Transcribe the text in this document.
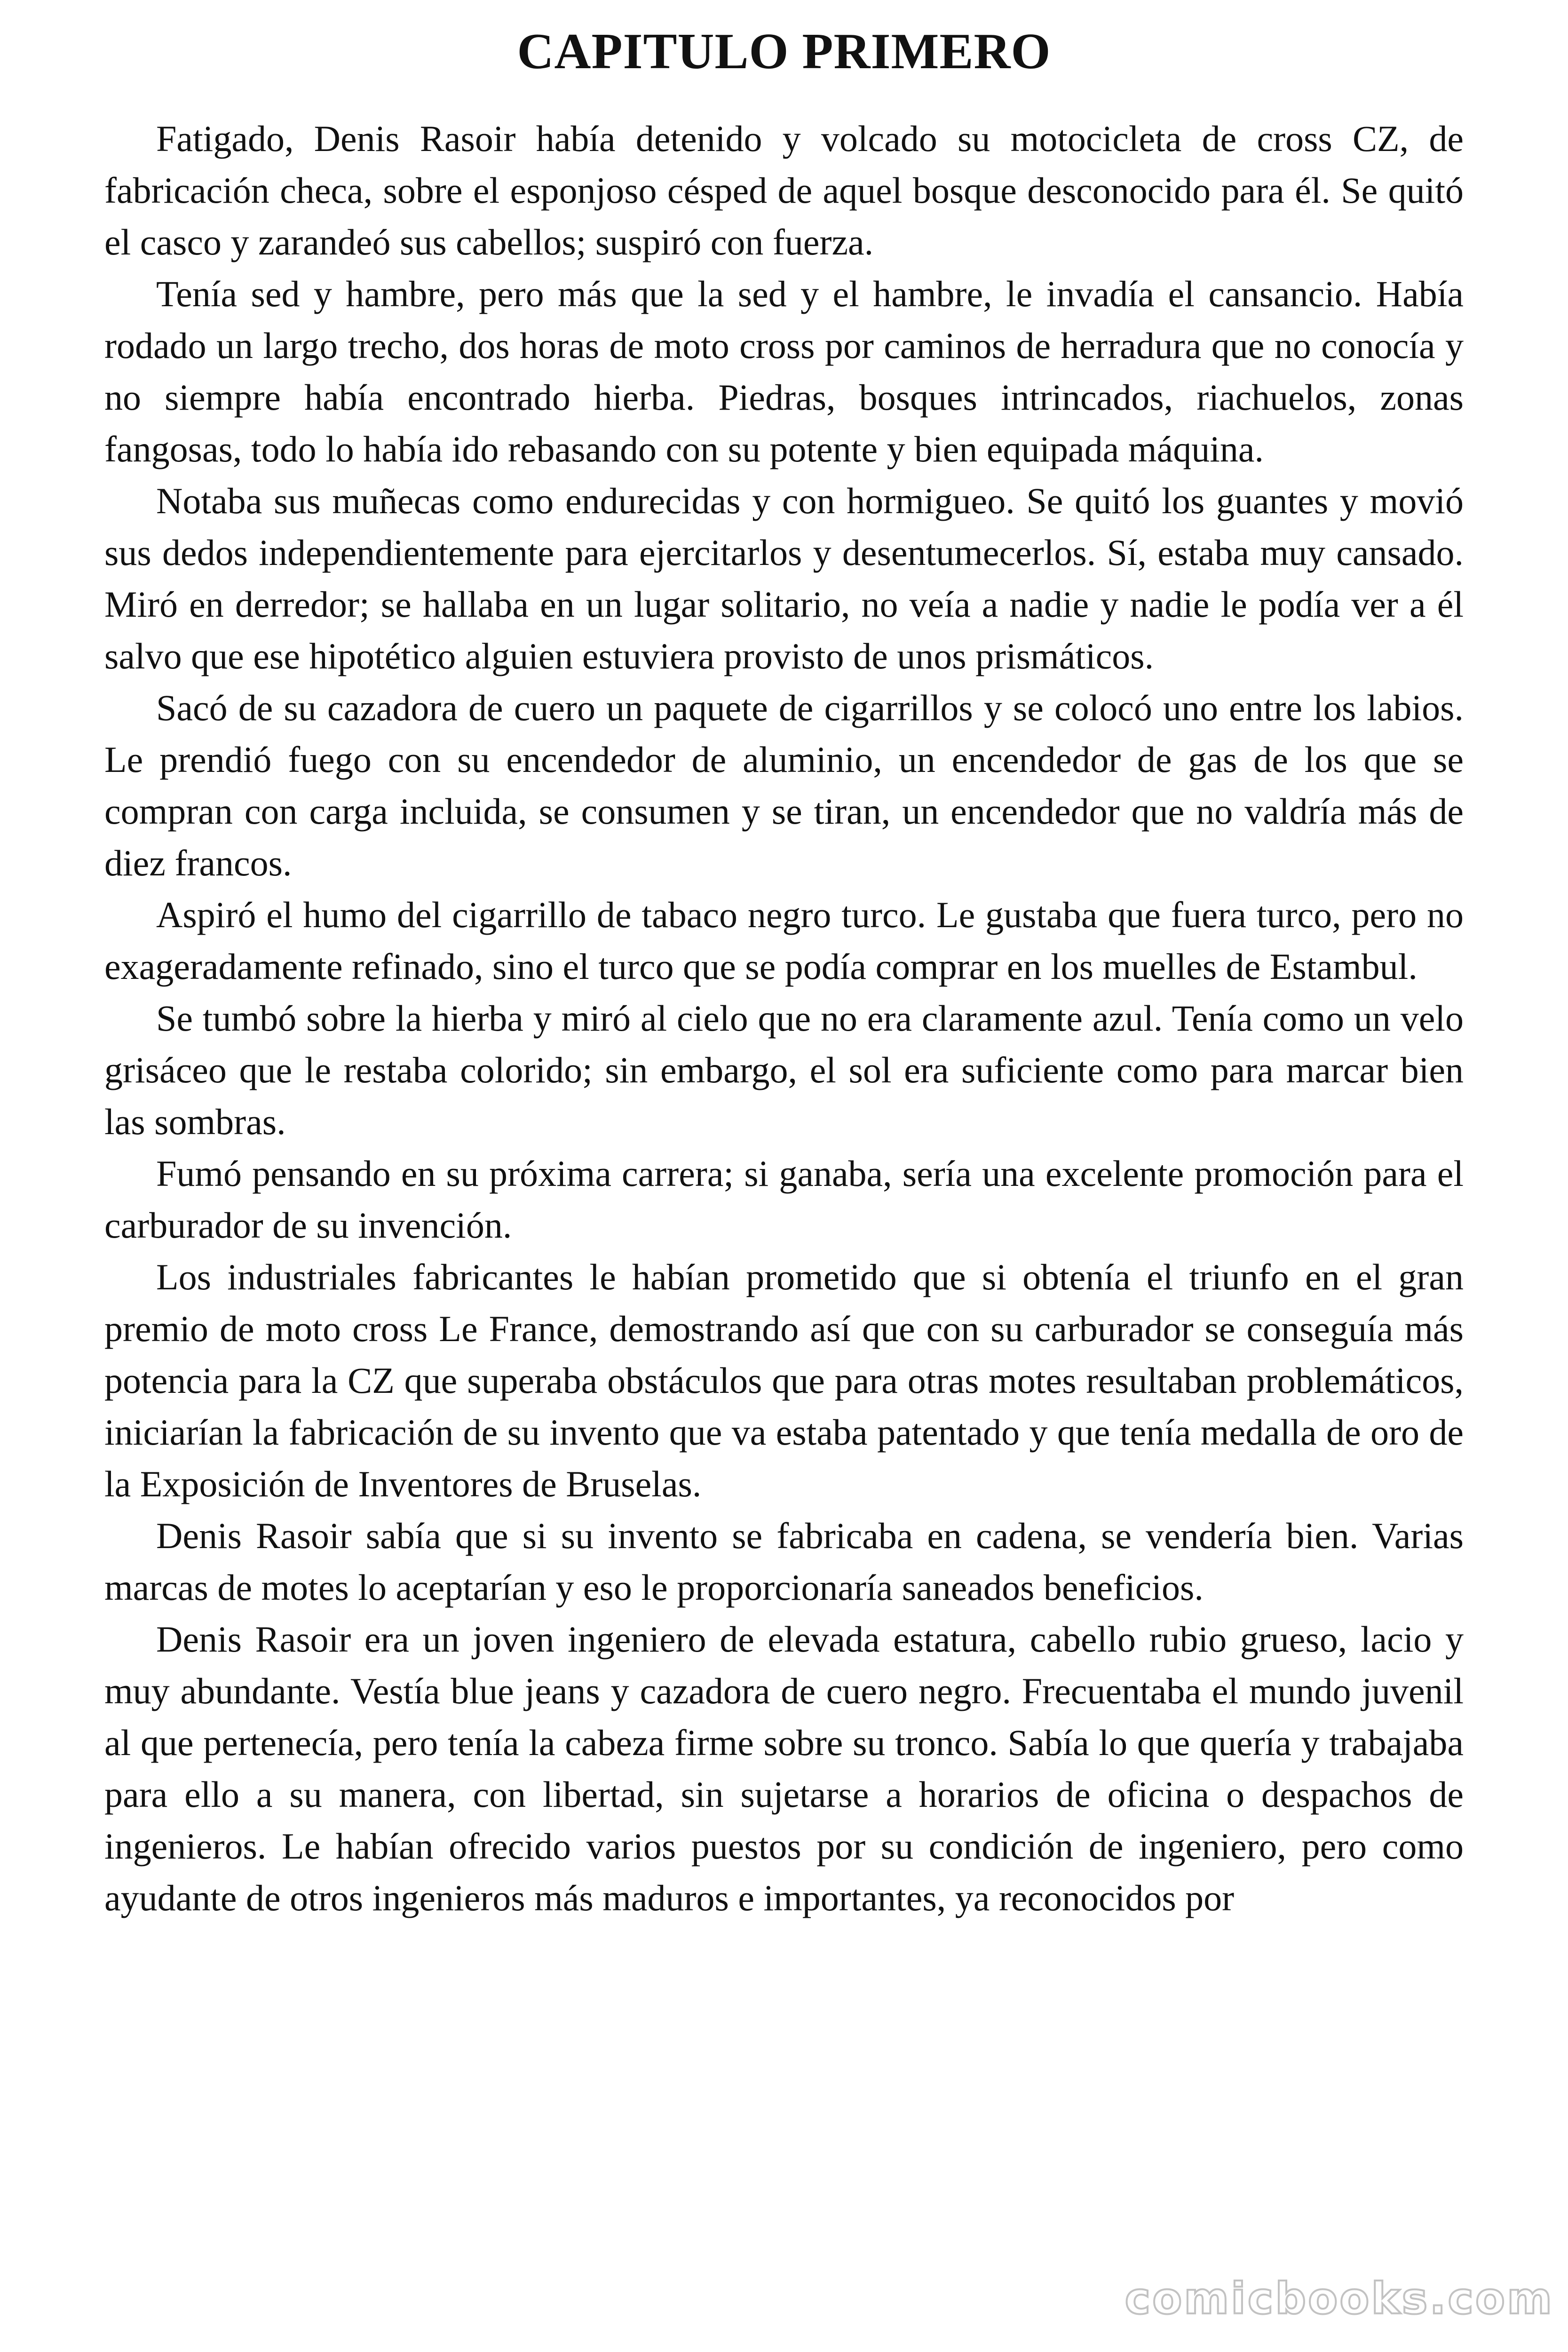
CAPITULO PRIMERO

Fatigado, Denis Rasoir había detenido y volcado su motocicleta de cross CZ, de fabricación checa, sobre el esponjoso césped de aquel bosque desconocido para él. Se quitó el casco y zarandeó sus cabellos; suspiró con fuerza.

Tenía sed y hambre, pero más que la sed y el hambre, le invadía el cansancio. Había rodado un largo trecho, dos horas de moto cross por caminos de herradura que no conocía y no siempre había encontrado hierba. Piedras, bosques intrincados, riachuelos, zonas fangosas, todo lo había ido rebasando con su potente y bien equipada máquina.

Notaba sus muñecas como endurecidas y con hormigueo. Se quitó los guantes y movió sus dedos independientemente para ejercitarlos y desentumecerlos. Sí, estaba muy cansado. Miró en derredor; se hallaba en un lugar solitario, no veía a nadie y nadie le podía ver a él salvo que ese hipotético alguien estuviera provisto de unos prismáticos.

Sacó de su cazadora de cuero un paquete de cigarrillos y se colocó uno entre los labios. Le prendió fuego con su encendedor de aluminio, un encendedor de gas de los que se compran con carga incluida, se consumen y se tiran, un encendedor que no valdría más de diez francos.

Aspiró el humo del cigarrillo de tabaco negro turco. Le gustaba que fuera turco, pero no exageradamente refinado, sino el turco que se podía comprar en los muelles de Estambul.

Se tumbó sobre la hierba y miró al cielo que no era claramente azul. Tenía como un velo grisáceo que le restaba colorido; sin embargo, el sol era suficiente como para marcar bien las sombras.

Fumó pensando en su próxima carrera; si ganaba, sería una excelente promoción para el carburador de su invención.

Los industriales fabricantes le habían prometido que si obtenía el triunfo en el gran premio de moto cross Le France, demostrando así que con su carburador se conseguía más potencia para la CZ que superaba obstáculos que para otras motes resultaban problemáticos, iniciarían la fabricación de su invento que va estaba patentado y que tenía medalla de oro de la Exposición de Inventores de Bruselas.

Denis Rasoir sabía que si su invento se fabricaba en cadena, se vendería bien. Varias marcas de motes lo aceptarían y eso le proporcionaría saneados beneficios.

Denis Rasoir era un joven ingeniero de elevada estatura, cabello rubio grueso, lacio y muy abundante. Vestía blue jeans y cazadora de cuero negro. Frecuentaba el mundo juvenil al que pertenecía, pero tenía la cabeza firme sobre su tronco. Sabía lo que quería y trabajaba para ello a su manera, con libertad, sin sujetarse a horarios de oficina o despachos de ingenieros. Le habían ofrecido varios puestos por su condición de ingeniero, pero como ayudante de otros ingenieros más maduros e importantes, ya reconocidos por

comicbooks.com
